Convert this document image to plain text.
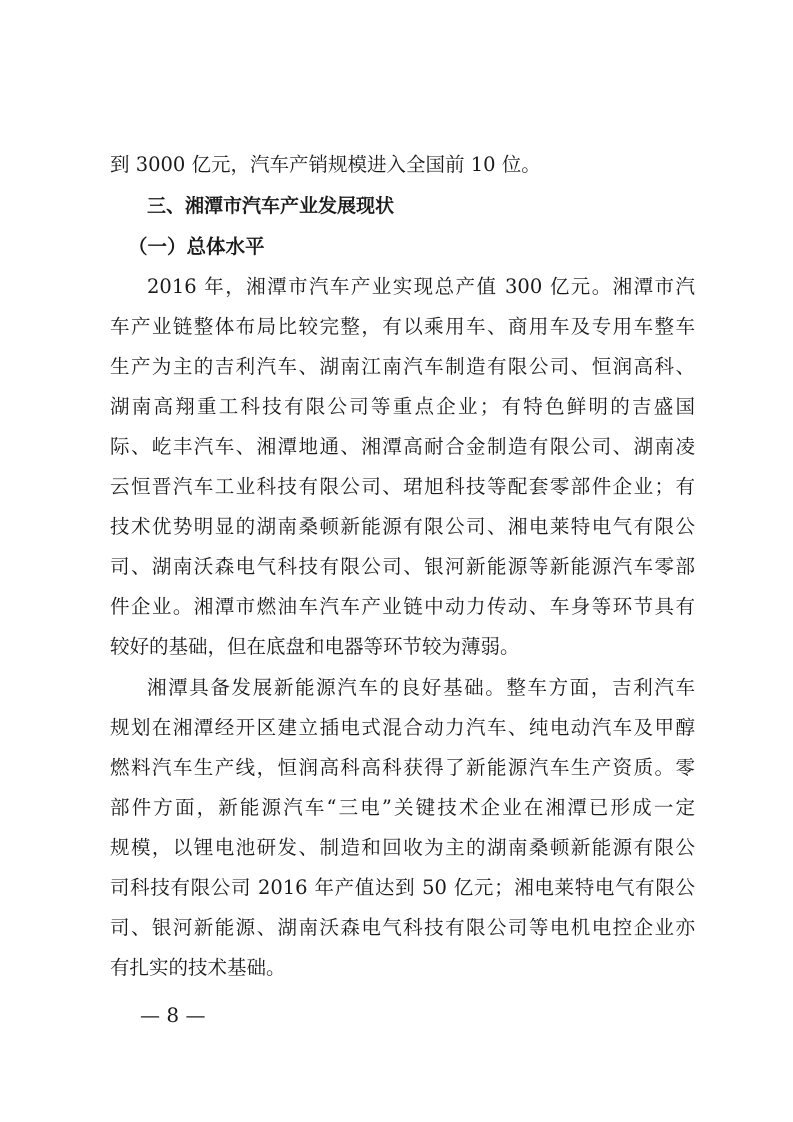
到 3000 亿元，汽车产销规模进入全国前 10 位。
三、湘潭市汽车产业发展现状
（一）总体水平
2016 年，湘潭市汽车产业实现总产值 300 亿元。湘潭市汽
车产业链整体布局比较完整，有以乘用车、商用车及专用车整车
生产为主的吉利汽车、湖南江南汽车制造有限公司、恒润高科、
湖南高翔重工科技有限公司等重点企业；有特色鲜明的吉盛国
际、屹丰汽车、湘潭地通、湘潭高耐合金制造有限公司、湖南凌
云恒晋汽车工业科技有限公司、珺旭科技等配套零部件企业；有
技术优势明显的湖南桑顿新能源有限公司、湘电莱特电气有限公
司、湖南沃森电气科技有限公司、银河新能源等新能源汽车零部
件企业。湘潭市燃油车汽车产业链中动力传动、车身等环节具有
较好的基础，但在底盘和电器等环节较为薄弱。
湘潭具备发展新能源汽车的良好基础。整车方面，吉利汽车
规划在湘潭经开区建立插电式混合动力汽车、纯电动汽车及甲醇
燃料汽车生产线，恒润高科高科获得了新能源汽车生产资质。零
部件方面，新能源汽车“三电”关键技术企业在湘潭已形成一定
规模，以锂电池研发、制造和回收为主的湖南桑顿新能源有限公
司科技有限公司 2016 年产值达到 50 亿元；湘电莱特电气有限公
司、银河新能源、湖南沃森电气科技有限公司等电机电控企业亦
有扎实的技术基础。
— 8 —
